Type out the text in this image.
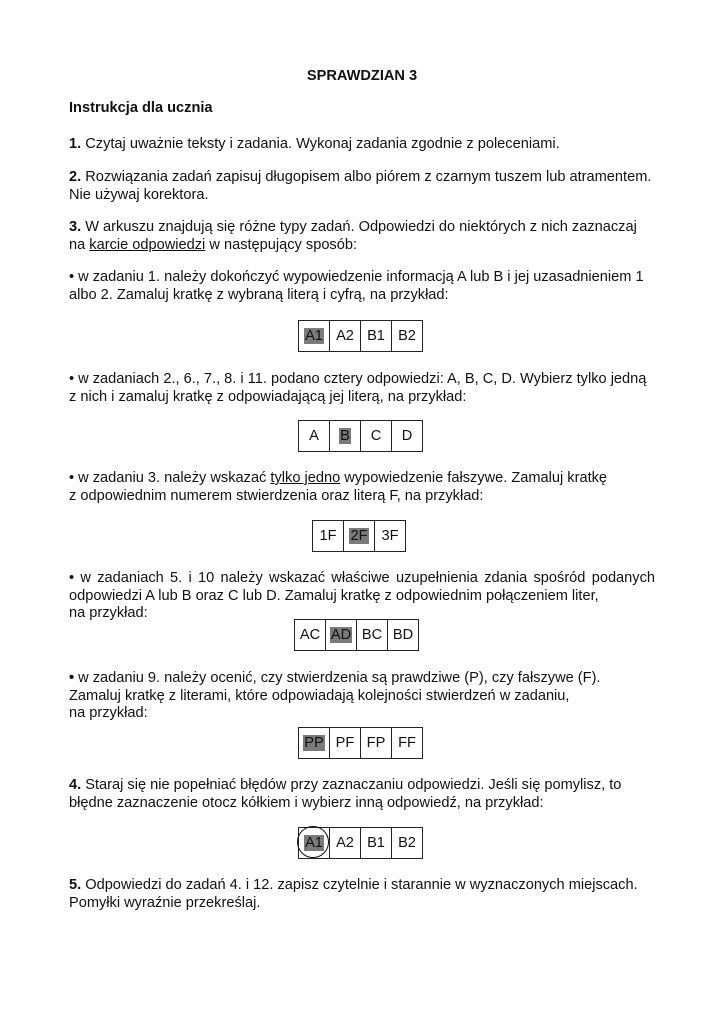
SPRAWDZIAN 3
Instrukcja dla ucznia
1. Czytaj uważnie teksty i zadania. Wykonaj zadania zgodnie z poleceniami.
2. Rozwiązania zadań zapisuj długopisem albo piórem z czarnym tuszem lub atramentem.
Nie używaj korektora.
3. W arkuszu znajdują się różne typy zadań. Odpowiedzi do niektórych z nich zaznaczaj
na karcie odpowiedzi w następujący sposób:
• w zadaniu 1. należy dokończyć wypowiedzenie informacją A lub B i jej uzasadnieniem 1
albo 2. Zamaluj kratkę z wybraną literą i cyfrą, na przykład:
A1 A2 B1 B2
• w zadaniach 2., 6., 7., 8. i 11. podano cztery odpowiedzi: A, B, C, D. Wybierz tylko jedną
z nich i zamaluj kratkę z odpowiadającą jej literą, na przykład:
A B C D
• w zadaniu 3. należy wskazać tylko jedno wypowiedzenie fałszywe. Zamaluj kratkę
z odpowiednim numerem stwierdzenia oraz literą F, na przykład:
1F 2F 3F
• w zadaniach 5. i 10 należy wskazać właściwe uzupełnienia zdania spośród podanych
odpowiedzi A lub B oraz C lub D. Zamaluj kratkę z odpowiednim połączeniem liter,
na przykład:
AC AD BC BD
• w zadaniu 9. należy ocenić, czy stwierdzenia są prawdziwe (P), czy fałszywe (F).
Zamaluj kratkę z literami, które odpowiadają kolejności stwierdzeń w zadaniu,
na przykład:
PP PF FP FF
4. Staraj się nie popełniać błędów przy zaznaczaniu odpowiedzi. Jeśli się pomylisz, to
błędne zaznaczenie otocz kółkiem i wybierz inną odpowiedź, na przykład:
A1 A2 B1 B2
5. Odpowiedzi do zadań 4. i 12. zapisz czytelnie i starannie w wyznaczonych miejscach.
Pomyłki wyraźnie przekreślaj.
